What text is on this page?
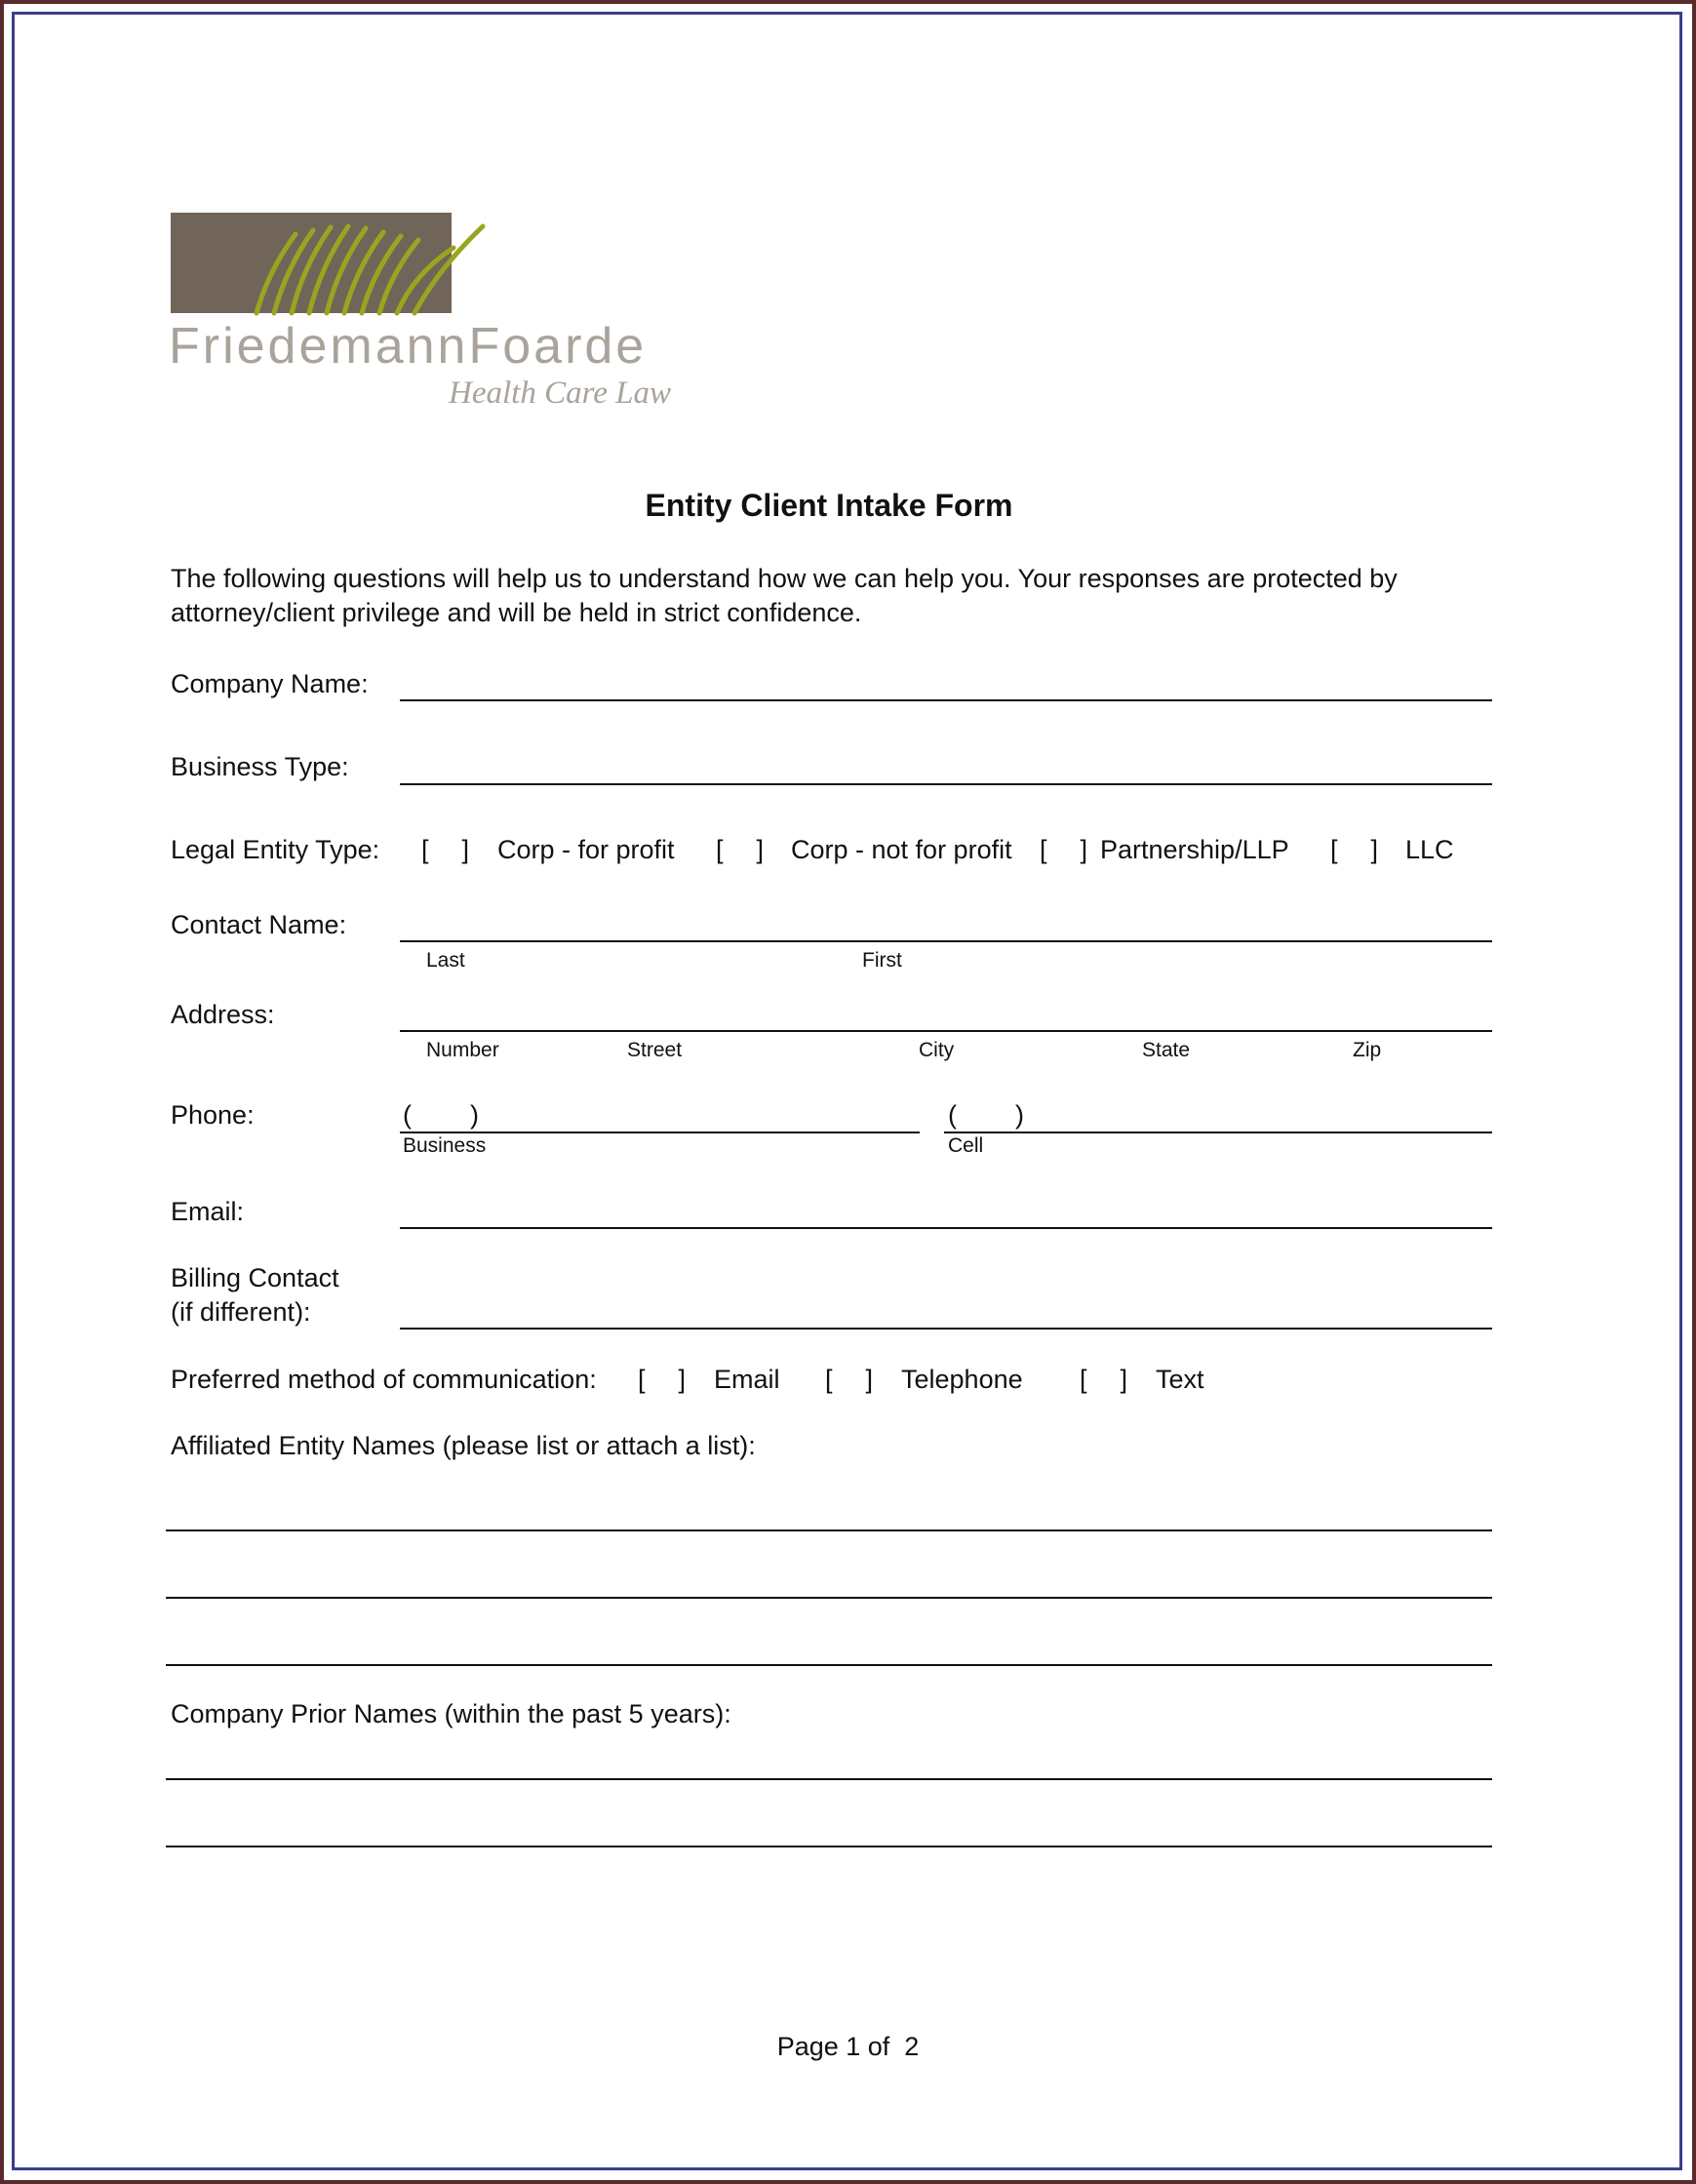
FriedemannFoarde
Health Care Law
Entity Client Intake Form
The following questions will help us to understand how we can help you. Your responses are protected by attorney/client privilege and will be held in strict confidence.
Company Name:
Business Type:
Legal Entity Type: [ ] Corp - for profit [ ] Corp - not for profit [ ] Partnership/LLP [ ] LLC
Contact Name:
Last	First
Address:
Number	Street	City	State	Zip
Phone:	(        )
Business
(        )
Cell
Email:
Billing Contact
(if different):
Preferred method of communication: [ ] Email [ ] Telephone [ ] Text
Affiliated Entity Names (please list or attach a list):
Company Prior Names (within the past 5 years):
Page 1 of  2
